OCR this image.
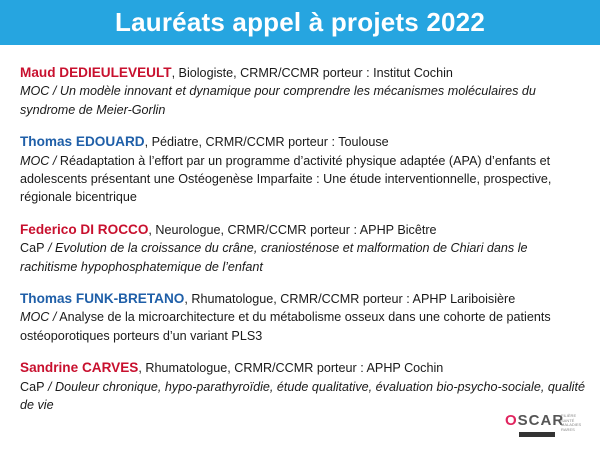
Lauréats appel à projets 2022
Maud DEDIEULEVEULT, Biologiste, CRMR/CCMR porteur : Institut Cochin
MOC / Un modèle innovant et dynamique pour comprendre les mécanismes moléculaires du syndrome de Meier-Gorlin
Thomas EDOUARD, Pédiatre, CRMR/CCMR porteur : Toulouse
MOC / Réadaptation à l’effort par un programme d’activité physique adaptée (APA) d’enfants et adolescents présentant une Ostéogenèse Imparfaite : Une étude interventionnelle, prospective, régionale bicentrique
Federico DI ROCCO, Neurologue, CRMR/CCMR porteur : APHP Bicêtre
CaP / Evolution de la croissance du crâne, craniosténose et malformation de Chiari dans le rachitisme hypophosphatemique de l’enfant
Thomas FUNK-BRETANO, Rhumatologue, CRMR/CCMR porteur : APHP Lariboisière
MOC / Analyse de la microarchitecture et du métabolisme osseux dans une cohorte de patients ostéoporotiques porteurs d’un variant PLS3
Sandrine CARVES, Rhumatologue, CRMR/CCMR porteur : APHP Cochin
CaP / Douleur chronique, hypo-parathyroïdie, étude qualitative, évaluation bio-psycho-sociale, qualité de vie
OSCAR
FILIÈRE SANTÉ MALADIES RARES
